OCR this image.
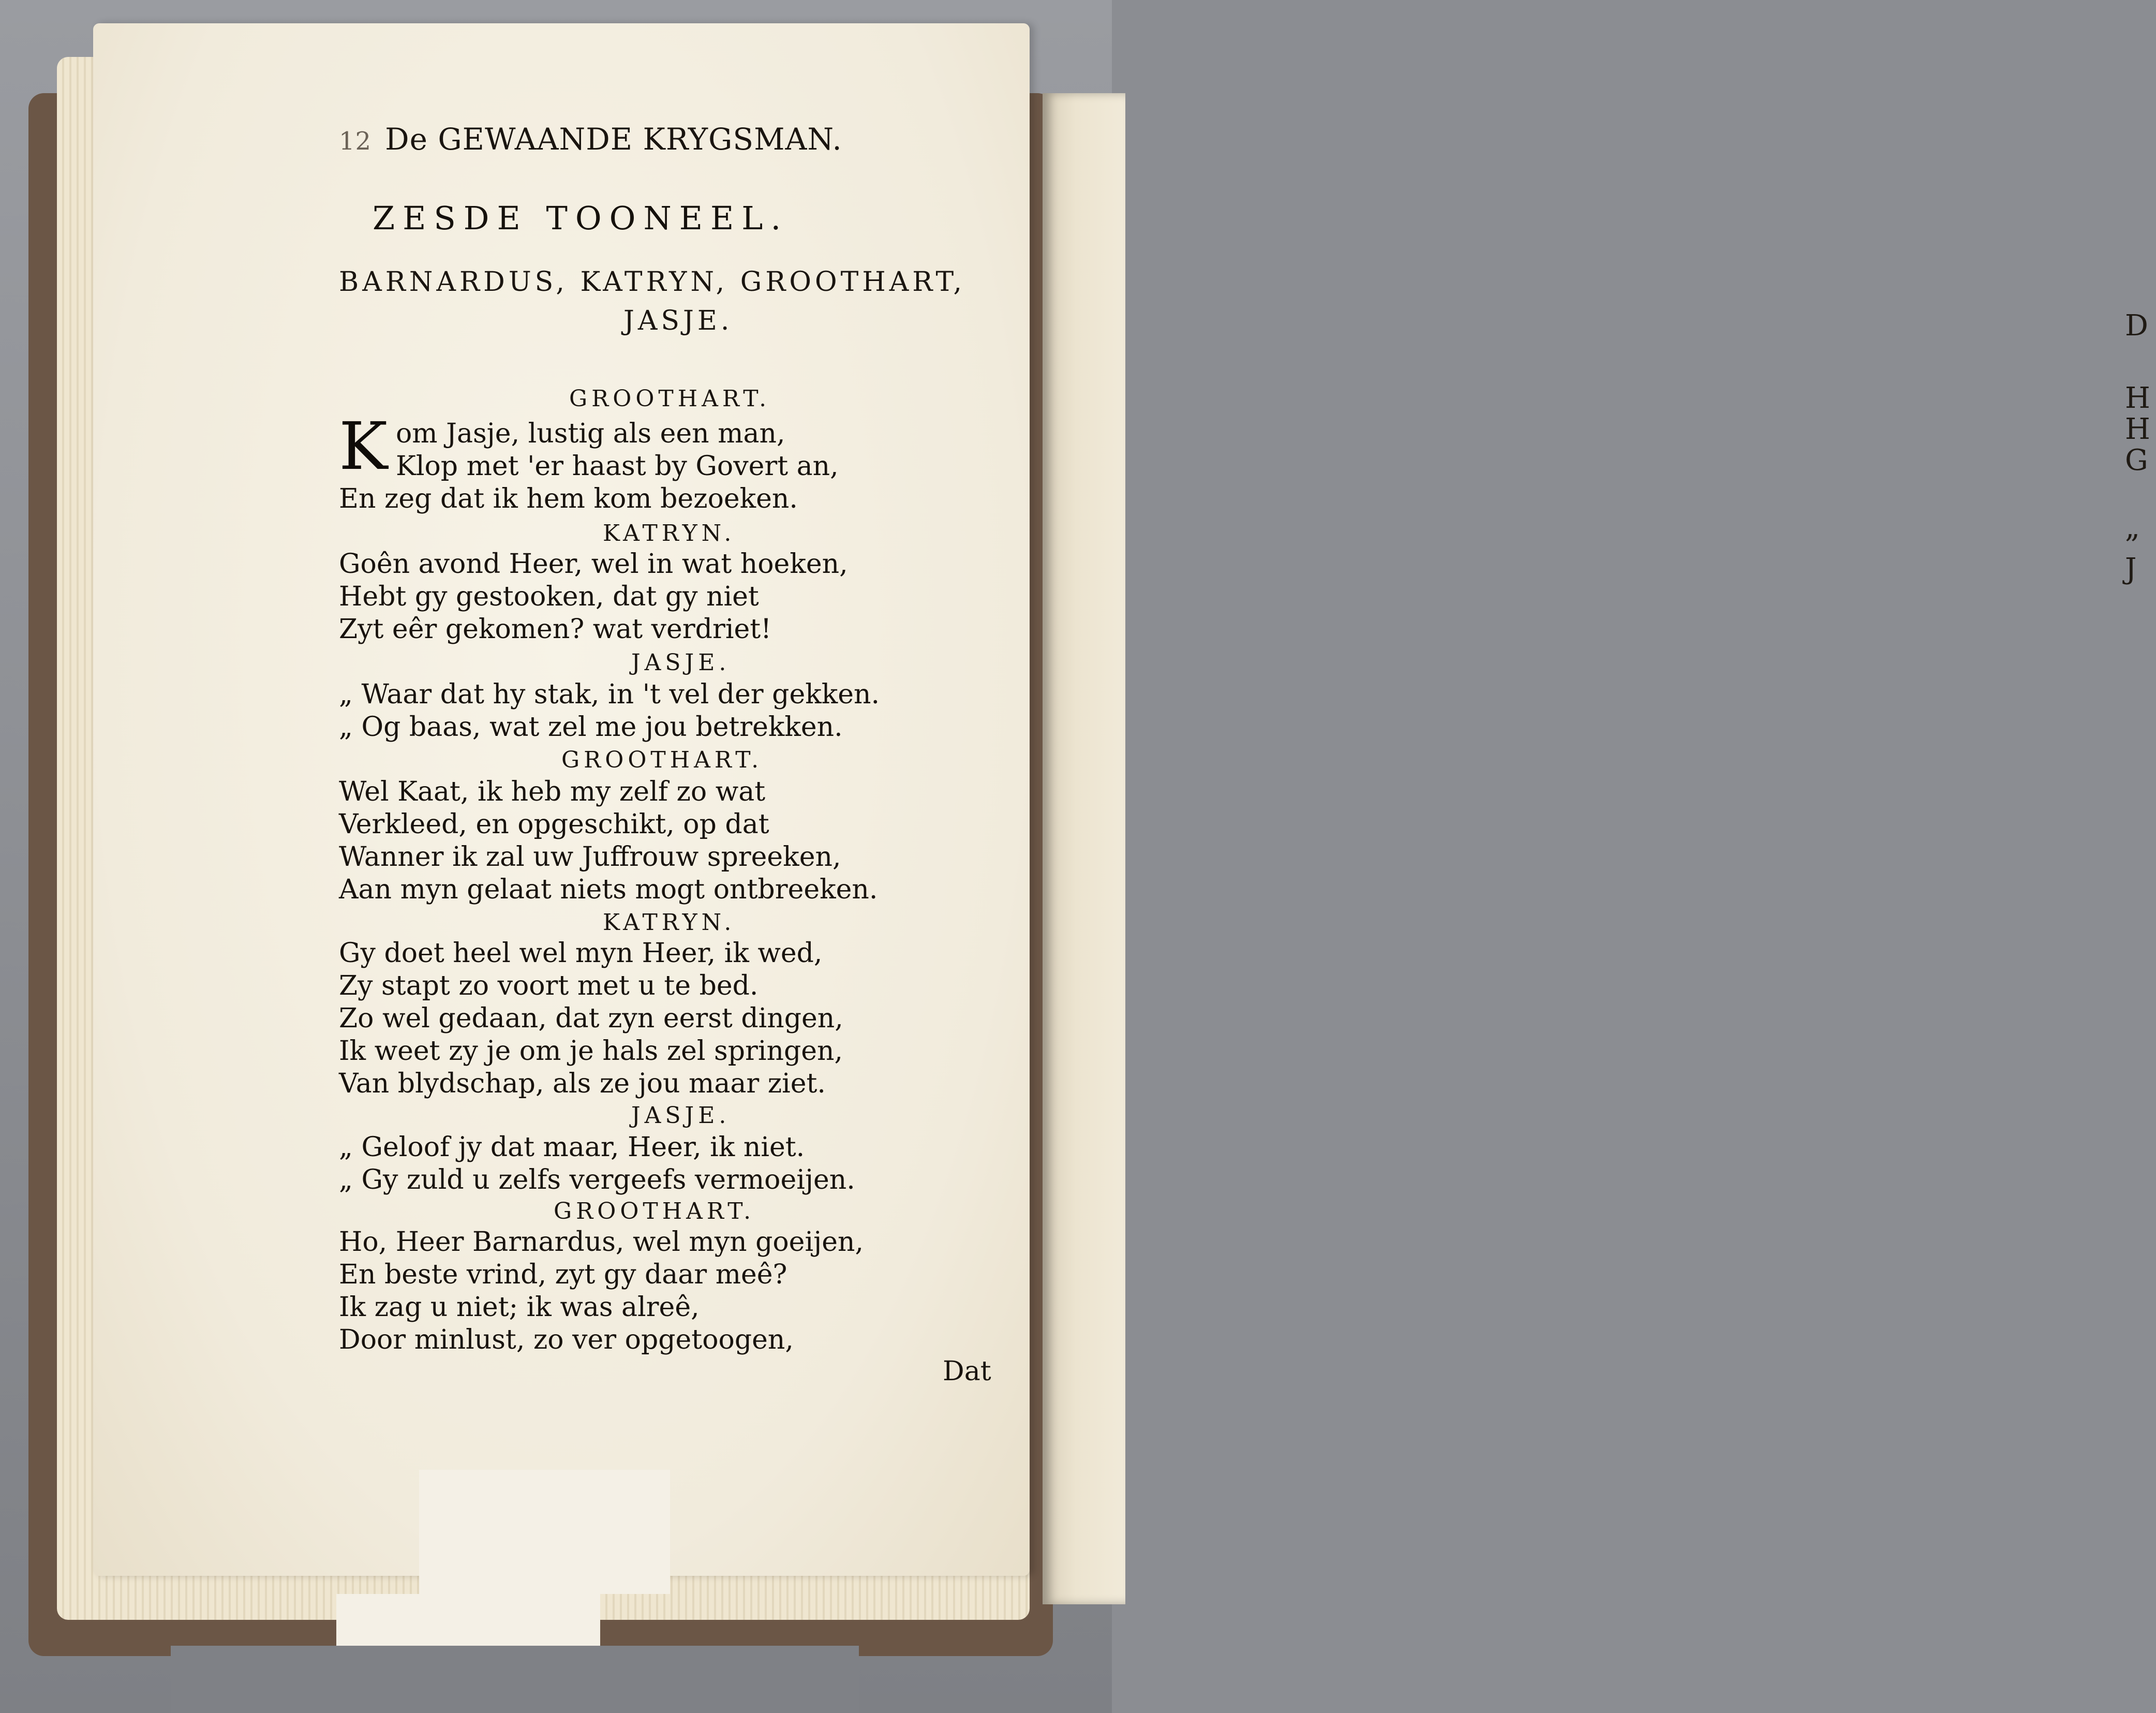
D
H
H
G
„
J
12 De GEWAANDE KRYGSMAN.
ZESDE TOONEEL.
BARNARDUS, KATRYN, GROOTHART,
JASJE.
GROOTHART.
K om Jasje, lustig als een man,
Klop met 'er haast by Govert an,
En zeg dat ik hem kom bezoeken.
KATRYN.
Goên avond Heer, wel in wat hoeken,
Hebt gy gestooken, dat gy niet
Zyt eêr gekomen? wat verdriet!
JASJE.
„ Waar dat hy stak, in 't vel der gekken.
„ Og baas, wat zel me jou betrekken.
GROOTHART.
Wel Kaat, ik heb my zelf zo wat
Verkleed, en opgeschikt, op dat
Wanner ik zal uw Juffrouw spreeken,
Aan myn gelaat niets mogt ontbreeken.
KATRYN.
Gy doet heel wel myn Heer, ik wed,
Zy stapt zo voort met u te bed.
Zo wel gedaan, dat zyn eerst dingen,
Ik weet zy je om je hals zel springen,
Van blydschap, als ze jou maar ziet.
JASJE.
„ Geloof jy dat maar, Heer, ik niet.
„ Gy zuld u zelfs vergeefs vermoeijen.
GROOTHART.
Ho, Heer Barnardus, wel myn goeijen,
En beste vrind, zyt gy daar meê?
Ik zag u niet; ik was alreê,
Door minlust, zo ver opgetoogen,
Dat
